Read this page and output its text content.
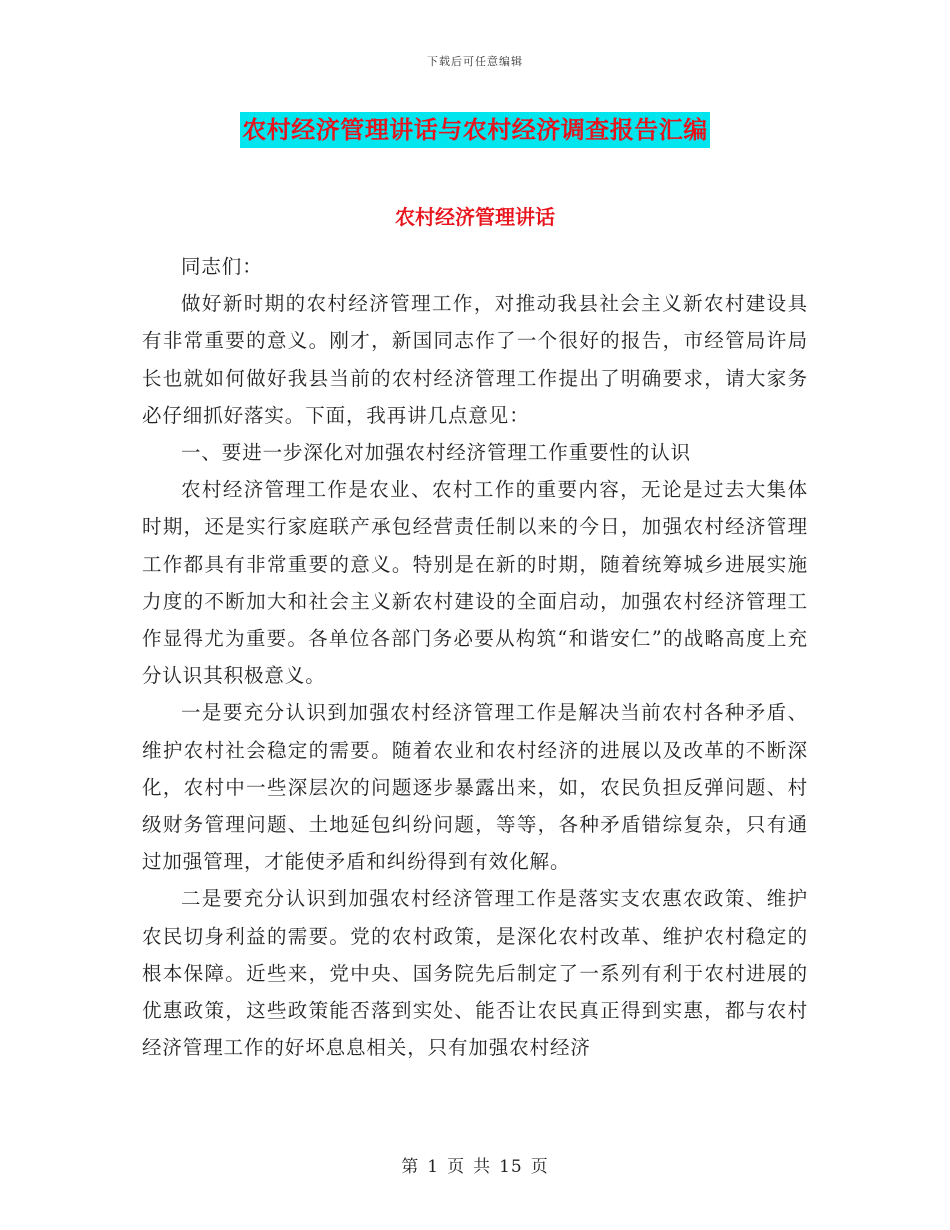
下载后可任意编辑
农村经济管理讲话与农村经济调查报告汇编
农村经济管理讲话

同志们：

做好新时期的农村经济管理工作，对推动我县社会主义新农村建设具有非常重要的意义。刚才，新国同志作了一个很好的报告，市经管局许局长也就如何做好我县当前的农村经济管理工作提出了明确要求，请大家务必仔细抓好落实。下面，我再讲几点意见：

一、要进一步深化对加强农村经济管理工作重要性的认识

农村经济管理工作是农业、农村工作的重要内容，无论是过去大集体时期，还是实行家庭联产承包经营责任制以来的今日，加强农村经济管理工作都具有非常重要的意义。特别是在新的时期，随着统筹城乡进展实施力度的不断加大和社会主义新农村建设的全面启动，加强农村经济管理工作显得尤为重要。各单位各部门务必要从构筑“和谐安仁”的战略高度上充分认识其积极意义。

一是要充分认识到加强农村经济管理工作是解决当前农村各种矛盾、维护农村社会稳定的需要。随着农业和农村经济的进展以及改革的不断深化，农村中一些深层次的问题逐步暴露出来，如，农民负担反弹问题、村级财务管理问题、土地延包纠纷问题，等等，各种矛盾错综复杂，只有通过加强管理，才能使矛盾和纠纷得到有效化解。

二是要充分认识到加强农村经济管理工作是落实支农惠农政策、维护农民切身利益的需要。党的农村政策，是深化农村改革、维护农村稳定的根本保障。近些来，党中央、国务院先后制定了一系列有利于农村进展的优惠政策，这些政策能否落到实处、能否让农民真正得到实惠，都与农村经济管理工作的好坏息息相关，只有加强农村经济

第 1 页 共 15 页
